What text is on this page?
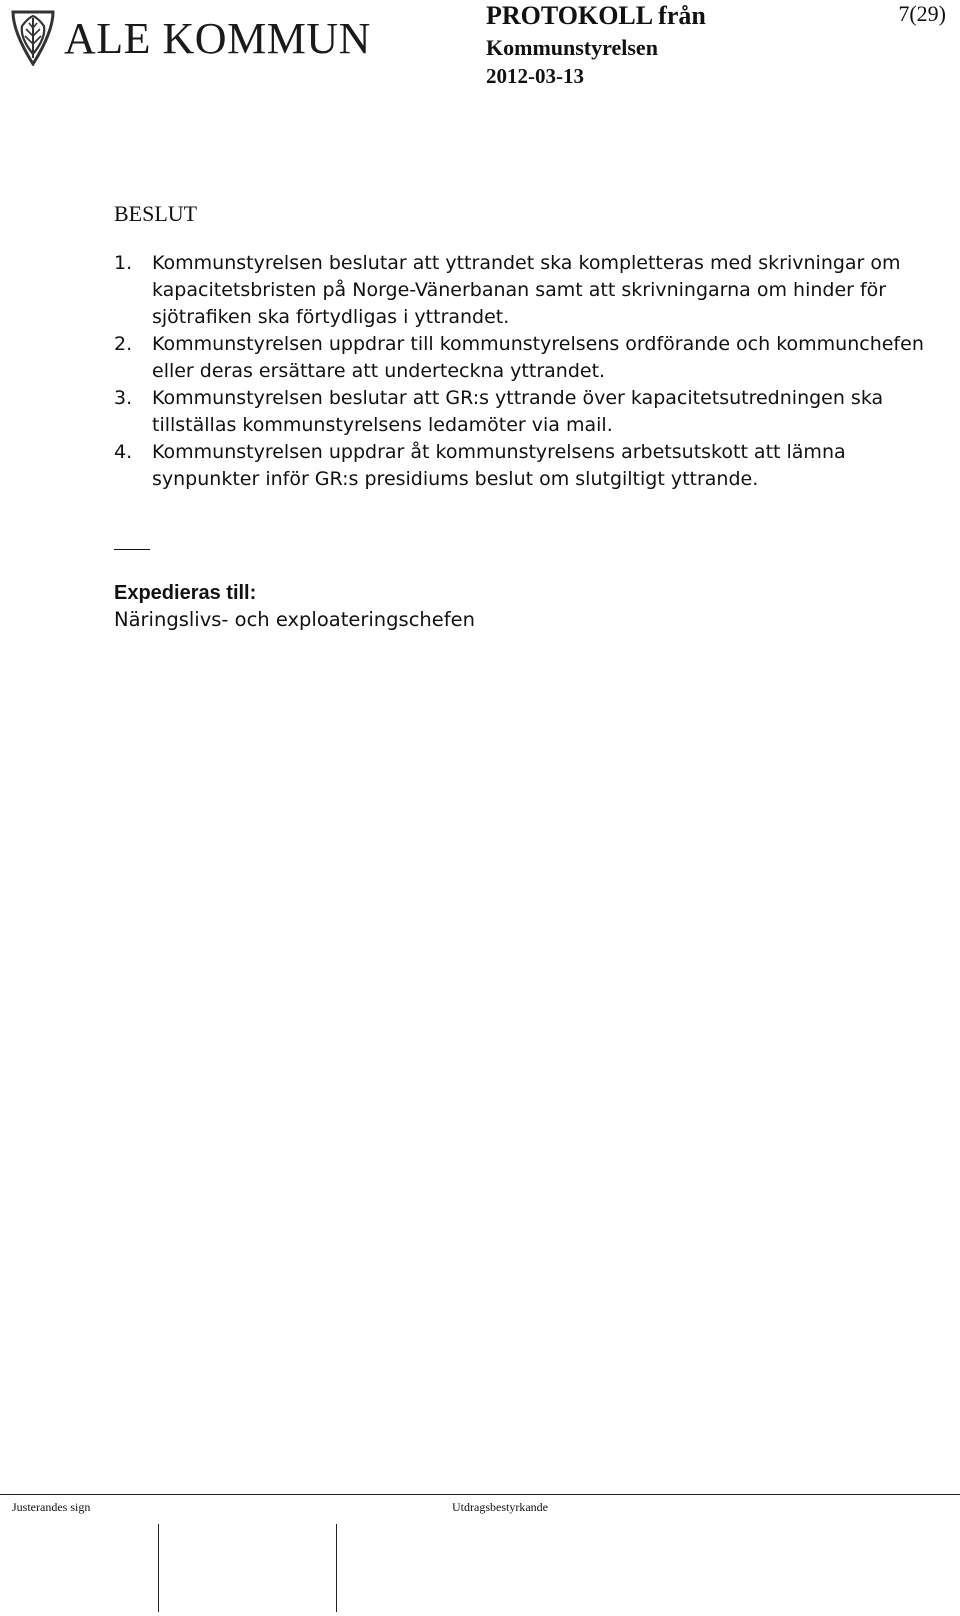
ALE KOMMUN	PROTOKOLL från
Kommunstyrelsen
2012-03-13
7(29)
BESLUT
1. Kommunstyrelsen beslutar att yttrandet ska kompletteras med skrivningar om kapacitetsbristen på Norge-Vänerbanan samt att skrivningarna om hinder för sjötrafiken ska förtydligas i yttrandet.
2. Kommunstyrelsen uppdrar till kommunstyrelsens ordförande och kommunchefen eller deras ersättare att underteckna yttrandet.
3. Kommunstyrelsen beslutar att GR:s yttrande över kapacitetsutredningen ska tillställas kommunstyrelsens ledamöter via mail.
4. Kommunstyrelsen uppdrar åt kommunstyrelsens arbetsutskott att lämna synpunkter inför GR:s presidiums beslut om slutgiltigt yttrande.
Expedieras till:
Näringslivs- och exploateringschefen
Justerandes sign	Utdragsbestyrkande
